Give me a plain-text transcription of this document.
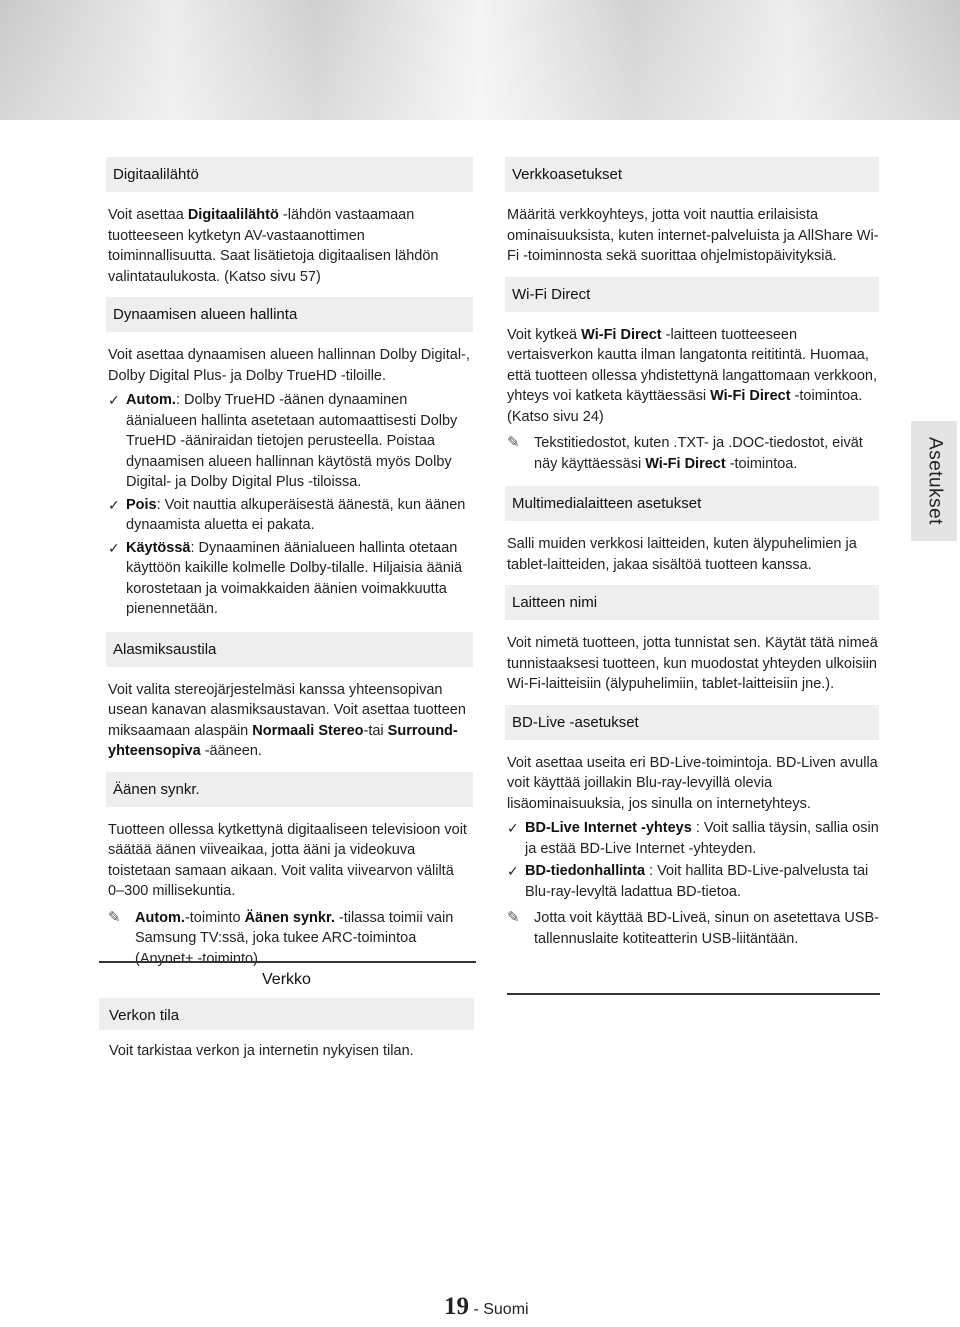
Digitaalilähtö

Voit asettaa Digitaalilähtö -lähdön vastaamaan tuotteeseen kytketyn AV-vastaanottimen toiminnallisuutta. Saat lisätietoja digitaalisen lähdön valintataulukosta. (Katso sivu 57)

Dynaamisen alueen hallinta

Voit asettaa dynaamisen alueen hallinnan Dolby Digital-, Dolby Digital Plus- ja Dolby TrueHD -tiloille.

✓ Autom.: Dolby TrueHD -äänen dynaaminen äänialueen hallinta asetetaan automaattisesti Dolby TrueHD -ääniraidan tietojen perusteella. Poistaa dynaamisen alueen hallinnan käytöstä myös Dolby Digital- ja Dolby Digital Plus -tiloissa.
✓ Pois: Voit nauttia alkuperäisestä äänestä, kun äänen dynaamista aluetta ei pakata.
✓ Käytössä: Dynaaminen äänialueen hallinta otetaan käyttöön kaikille kolmelle Dolby-tilalle. Hiljaisia ääniä korostetaan ja voimakkaiden äänien voimakkuutta pienennetään.
Alasmiksaustila

Voit valita stereojärjestelmäsi kanssa yhteensopivan usean kanavan alasmiksaustavan. Voit asettaa tuotteen miksaamaan alaspäin Normaali Stereo-tai Surround-yhteensopiva -ääneen.

Äänen synkr.

Tuotteen ollessa kytkettynä digitaaliseen televisioon voit säätää äänen viiveaikaa, jotta ääni ja videokuva toistetaan samaan aikaan. Voit valita viivearvon väliltä 0–300 millisekuntia.

✎ Autom.-toiminto Äänen synkr. -tilassa toimii vain Samsung TV:ssä, joka tukee ARC-toimintoa (Anynet+ -toiminto).
Verkko
Verkon tila
Voit tarkistaa verkon ja internetin nykyisen tilan.
Verkkoasetukset

Määritä verkkoyhteys, jotta voit nauttia erilaisista ominaisuuksista, kuten internet-palveluista ja AllShare Wi-Fi -toiminnosta sekä suorittaa ohjelmistopäivityksiä.

Wi-Fi Direct

Voit kytkeä Wi-Fi Direct -laitteen tuotteeseen vertaisverkon kautta ilman langatonta reititintä. Huomaa, että tuotteen ollessa yhdistettynä langattomaan verkkoon, yhteys voi katketa käyttäessäsi Wi-Fi Direct -toimintoa. (Katso sivu 24)

✎ Tekstitiedostot, kuten .TXT- ja .DOC-tiedostot, eivät näy käyttäessäsi Wi-Fi Direct -toimintoa.
Multimedialaitteen asetukset

Salli muiden verkkosi laitteiden, kuten älypuhelimien ja tablet-laitteiden, jakaa sisältöä tuotteen kanssa.

Laitteen nimi

Voit nimetä tuotteen, jotta tunnistat sen. Käytät tätä nimeä tunnistaaksesi tuotteen, kun muodostat yhteyden ulkoisiin Wi-Fi-laitteisiin (älypuhelimiin, tablet-laitteisiin jne.).

BD-Live -asetukset

Voit asettaa useita eri BD-Live-toimintoja. BD-Liven avulla voit käyttää joillakin Blu-ray-levyillä olevia lisäominaisuuksia, jos sinulla on internetyhteys.

✓ BD-Live Internet -yhteys : Voit sallia täysin, sallia osin ja estää BD-Live Internet -yhteyden.
✓ BD-tiedonhallinta : Voit hallita BD-Live-palvelusta tai Blu-ray-levyltä ladattua BD-tietoa.
✎ Jotta voit käyttää BD-Liveä, sinun on asetettava USB-tallennuslaite kotiteatterin USB-liitäntään.
Asetukset
19 - Suomi
